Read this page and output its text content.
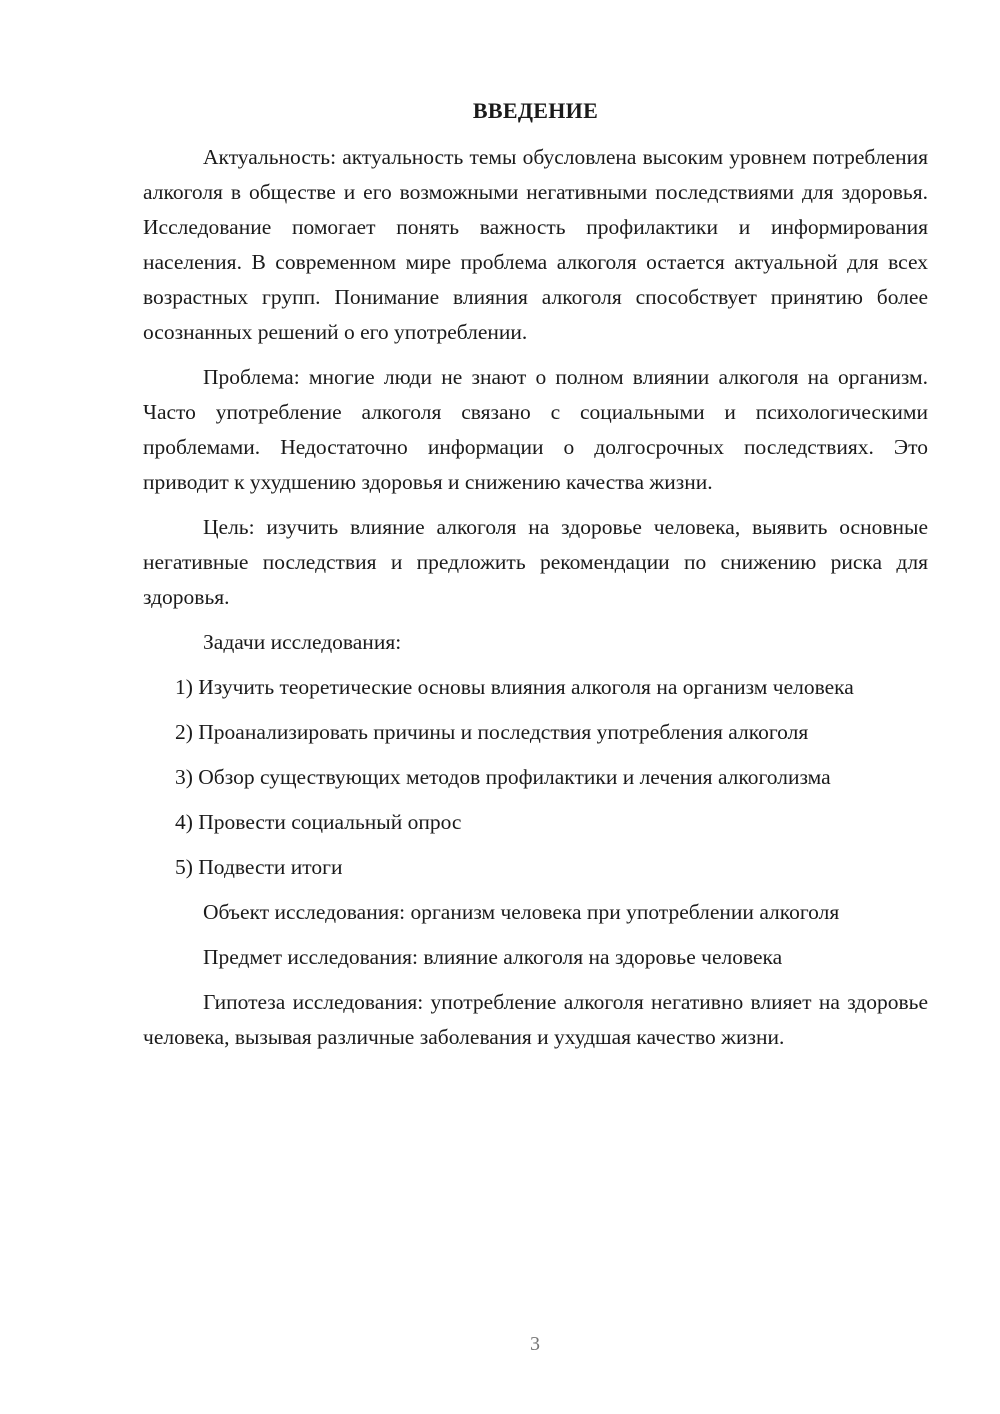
ВВЕДЕНИЕ

Актуальность: актуальность темы обусловлена высоким уровнем потребления алкоголя в обществе и его возможными негативными последствиями для здоровья. Исследование помогает понять важность профилактики и информирования населения. В современном мире проблема алкоголя остается актуальной для всех возрастных групп. Понимание влияния алкоголя способствует принятию более осознанных решений о его употреблении.

Проблема: многие люди не знают о полном влиянии алкоголя на организм. Часто употребление алкоголя связано с социальными и психологическими проблемами. Недостаточно информации о долгосрочных последствиях. Это приводит к ухудшению здоровья и снижению качества жизни.

Цель: изучить влияние алкоголя на здоровье человека, выявить основные негативные последствия и предложить рекомендации по снижению риска для здоровья.

Задачи исследования:

1) Изучить теоретические основы влияния алкоголя на организм человека

2) Проанализировать причины и последствия употребления алкоголя

3) Обзор существующих методов профилактики и лечения алкоголизма

4) Провести социальный опрос

5) Подвести итоги

Объект исследования: организм человека при употреблении алкоголя

Предмет исследования: влияние алкоголя на здоровье человека

Гипотеза исследования: употребление алкоголя негативно влияет на здоровье человека, вызывая различные заболевания и ухудшая качество жизни.

3
